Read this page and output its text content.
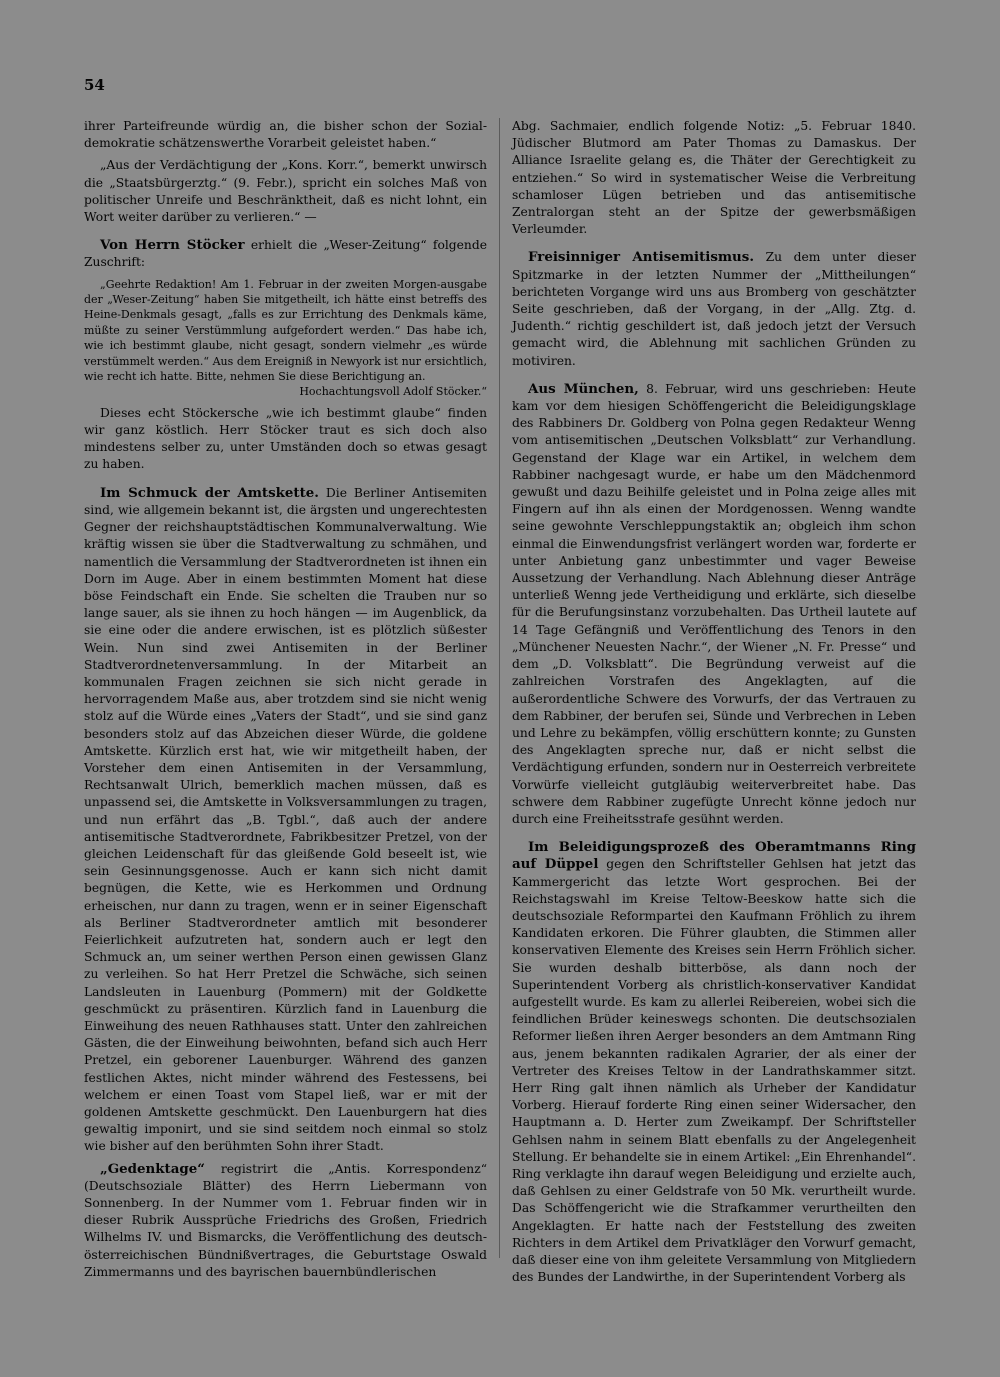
54

ihrer Parteifreunde würdig an, die bisher schon der Sozial-demokratie schätzenswerthe Vorarbeit geleistet haben.“

„Aus der Verdächtigung der „Kons. Korr.“, bemerkt unwirsch die „Staatsbürgerztg.“ (9. Febr.), spricht ein solches Maß von politischer Unreife und Beschränktheit, daß es nicht lohnt, ein Wort weiter darüber zu verlieren.“ —

Von Herrn Stöcker erhielt die „Weser-Zeitung“ folgende Zuschrift:

„Geehrte Redaktion! Am 1. Februar in der zweiten Morgen-ausgabe der „Weser-Zeitung“ haben Sie mitgetheilt, ich hätte einst betreffs des Heine-Denkmals gesagt, „falls es zur Errichtung des Denkmals käme, müßte zu seiner Verstümmlung aufgefordert werden.“ Das habe ich, wie ich bestimmt glaube, nicht gesagt, sondern vielmehr „es würde verstümmelt werden.“ Aus dem Ereigniß in Newyork ist nur ersichtlich, wie recht ich hatte. Bitte, nehmen Sie diese Berichtigung an.

Hochachtungsvoll Adolf Stöcker.“

Dieses echt Stöckersche „wie ich bestimmt glaube“ finden wir ganz köstlich. Herr Stöcker traut es sich doch also mindestens selber zu, unter Umständen doch so etwas gesagt zu haben.

Im Schmuck der Amtskette. Die Berliner Antisemiten sind, wie allgemein bekannt ist, die ärgsten und ungerechtesten Gegner der reichshauptstädtischen Kommunalverwaltung. Wie kräftig wissen sie über die Stadtverwaltung zu schmähen, und namentlich die Versammlung der Stadtverordneten ist ihnen ein Dorn im Auge. Aber in einem bestimmten Moment hat diese böse Feindschaft ein Ende. Sie schelten die Trauben nur so lange sauer, als sie ihnen zu hoch hängen — im Augenblick, da sie eine oder die andere erwischen, ist es plötzlich süßester Wein. Nun sind zwei Antisemiten in der Berliner Stadtverordnetenversammlung. In der Mitarbeit an kommunalen Fragen zeichnen sie sich nicht gerade in hervorragendem Maße aus, aber trotzdem sind sie nicht wenig stolz auf die Würde eines „Vaters der Stadt“, und sie sind ganz besonders stolz auf das Abzeichen dieser Würde, die goldene Amtskette. Kürzlich erst hat, wie wir mitgetheilt haben, der Vorsteher dem einen Antisemiten in der Versammlung, Rechtsanwalt Ulrich, bemerklich machen müssen, daß es unpassend sei, die Amtskette in Volksversammlungen zu tragen, und nun erfährt das „B. Tgbl.“, daß auch der andere antisemitische Stadtverordnete, Fabrikbesitzer Pretzel, von der gleichen Leidenschaft für das gleißende Gold beseelt ist, wie sein Gesinnungsgenosse. Auch er kann sich nicht damit begnügen, die Kette, wie es Herkommen und Ordnung erheischen, nur dann zu tragen, wenn er in seiner Eigenschaft als Berliner Stadtverordneter amtlich mit besonderer Feierlichkeit aufzutreten hat, sondern auch er legt den Schmuck an, um seiner werthen Person einen gewissen Glanz zu verleihen. So hat Herr Pretzel die Schwäche, sich seinen Landsleuten in Lauenburg (Pommern) mit der Goldkette geschmückt zu präsentiren. Kürzlich fand in Lauenburg die Einweihung des neuen Rathhauses statt. Unter den zahlreichen Gästen, die der Einweihung beiwohnten, befand sich auch Herr Pretzel, ein geborener Lauenburger. Während des ganzen festlichen Aktes, nicht minder während des Festessens, bei welchem er einen Toast vom Stapel ließ, war er mit der goldenen Amtskette geschmückt. Den Lauenburgern hat dies gewaltig imponirt, und sie sind seitdem noch einmal so stolz wie bisher auf den berühmten Sohn ihrer Stadt.

„Gedenktage“ registrirt die „Antis. Korrespondenz“ (Deutschsoziale Blätter) des Herrn Liebermann von Sonnenberg. In der Nummer vom 1. Februar finden wir in dieser Rubrik Aussprüche Friedrichs des Großen, Friedrich Wilhelms IV. und Bismarcks, die Veröffentlichung des deutsch-österreichischen Bündnißvertrages, die Geburtstage Oswald Zimmermanns und des bayrischen bauernbündlerischen

Abg. Sachmaier, endlich folgende Notiz: „5. Februar 1840. Jüdischer Blutmord am Pater Thomas zu Damaskus. Der Alliance Israelite gelang es, die Thäter der Gerechtigkeit zu entziehen.“ So wird in systematischer Weise die Verbreitung schamloser Lügen betrieben und das antisemitische Zentralorgan steht an der Spitze der gewerbsmäßigen Verleumder.

Freisinniger Antisemitismus. Zu dem unter dieser Spitzmarke in der letzten Nummer der „Mittheilungen“ berichteten Vorgange wird uns aus Bromberg von geschätzter Seite geschrieben, daß der Vorgang, in der „Allg. Ztg. d. Judenth.“ richtig geschildert ist, daß jedoch jetzt der Versuch gemacht wird, die Ablehnung mit sachlichen Gründen zu motiviren.

Aus München, 8. Februar, wird uns geschrieben: Heute kam vor dem hiesigen Schöffengericht die Beleidigungsklage des Rabbiners Dr. Goldberg von Polna gegen Redakteur Wenng vom antisemitischen „Deutschen Volksblatt“ zur Verhandlung. Gegenstand der Klage war ein Artikel, in welchem dem Rabbiner nachgesagt wurde, er habe um den Mädchenmord gewußt und dazu Beihilfe geleistet und in Polna zeige alles mit Fingern auf ihn als einen der Mordgenossen. Wenng wandte seine gewohnte Verschleppungstaktik an; obgleich ihm schon einmal die Einwendungsfrist verlängert worden war, forderte er unter Anbietung ganz unbestimmter und vager Beweise Aussetzung der Verhandlung. Nach Ablehnung dieser Anträge unterließ Wenng jede Vertheidigung und erklärte, sich dieselbe für die Berufungsinstanz vorzubehalten. Das Urtheil lautete auf 14 Tage Gefängniß und Veröffentlichung des Tenors in den „Münchener Neuesten Nachr.“, der Wiener „N. Fr. Presse“ und dem „D. Volksblatt“. Die Begründung verweist auf die zahlreichen Vorstrafen des Angeklagten, auf die außerordentliche Schwere des Vorwurfs, der das Vertrauen zu dem Rabbiner, der berufen sei, Sünde und Verbrechen in Leben und Lehre zu bekämpfen, völlig erschüttern konnte; zu Gunsten des Angeklagten spreche nur, daß er nicht selbst die Verdächtigung erfunden, sondern nur in Oesterreich verbreitete Vorwürfe vielleicht gutgläubig weiterverbreitet habe. Das schwere dem Rabbiner zugefügte Unrecht könne jedoch nur durch eine Freiheitsstrafe gesühnt werden.

Im Beleidigungsprozeß des Oberamtmanns Ring auf Düppel gegen den Schriftsteller Gehlsen hat jetzt das Kammergericht das letzte Wort gesprochen. Bei der Reichstagswahl im Kreise Teltow-Beeskow hatte sich die deutschsoziale Reformpartei den Kaufmann Fröhlich zu ihrem Kandidaten erkoren. Die Führer glaubten, die Stimmen aller konservativen Elemente des Kreises sein Herrn Fröhlich sicher. Sie wurden deshalb bitterböse, als dann noch der Superintendent Vorberg als christlich-konservativer Kandidat aufgestellt wurde. Es kam zu allerlei Reibereien, wobei sich die feindlichen Brüder keineswegs schonten. Die deutschsozialen Reformer ließen ihren Aerger besonders an dem Amtmann Ring aus, jenem bekannten radikalen Agrarier, der als einer der Vertreter des Kreises Teltow in der Landrathskammer sitzt. Herr Ring galt ihnen nämlich als Urheber der Kandidatur Vorberg. Hierauf forderte Ring einen seiner Widersacher, den Hauptmann a. D. Herter zum Zweikampf. Der Schriftsteller Gehlsen nahm in seinem Blatt ebenfalls zu der Angelegenheit Stellung. Er behandelte sie in einem Artikel: „Ein Ehrenhandel“. Ring verklagte ihn darauf wegen Beleidigung und erzielte auch, daß Gehlsen zu einer Geldstrafe von 50 Mk. verurtheilt wurde. Das Schöffengericht wie die Strafkammer verurtheilten den Angeklagten. Er hatte nach der Feststellung des zweiten Richters in dem Artikel dem Privatkläger den Vorwurf gemacht, daß dieser eine von ihm geleitete Versammlung von Mitgliedern des Bundes der Landwirthe, in der Superintendent Vorberg als
